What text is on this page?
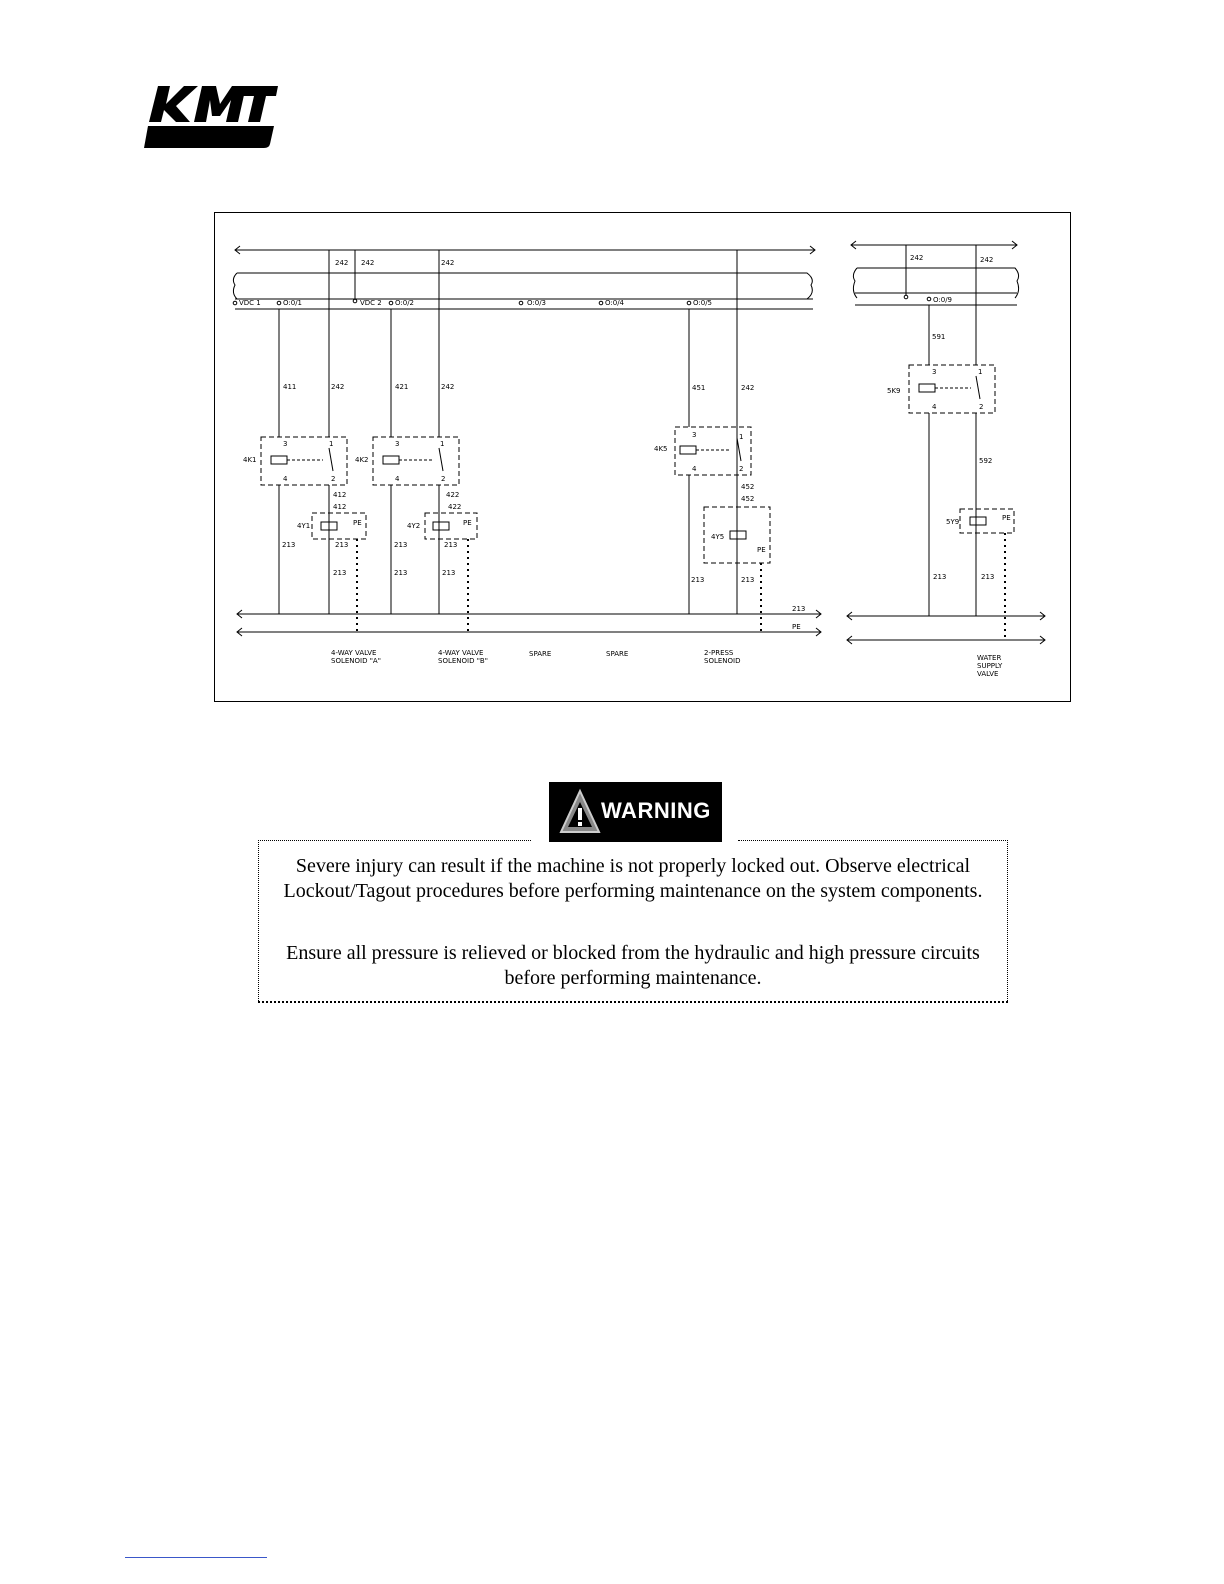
242 242	242
242	242
VDC 1	O:0/1	VDC 2 O:0/2	O:0/3	O:0/4	O:0/5	O:0/9
411	242	421	242	451	242
591
4K1	4K2
4K5
5K9
3	1
4	2
3	1
4	2
3	1
4	2
3	1
4	2
412
412
422
422
452
452
592
4Y1	4Y2
4Y5
5Y9
PE	PE
PE
PE
213	213	213	213
213	213	213
213	213	213	213
213
PE
4-WAY VALVE
SOLENOID "A"
4-WAY VALVE
SOLENOID "B"
SPARE	SPARE	2-PRESS
SOLENOID	WATER
SUPPLY
VALVE
WARNING

Severe injury can result if the machine is not properly locked out. Observe electrical Lockout/Tagout procedures before performing maintenance on the system components.

Ensure all pressure is relieved or blocked from the hydraulic and high pressure circuits before performing maintenance.
